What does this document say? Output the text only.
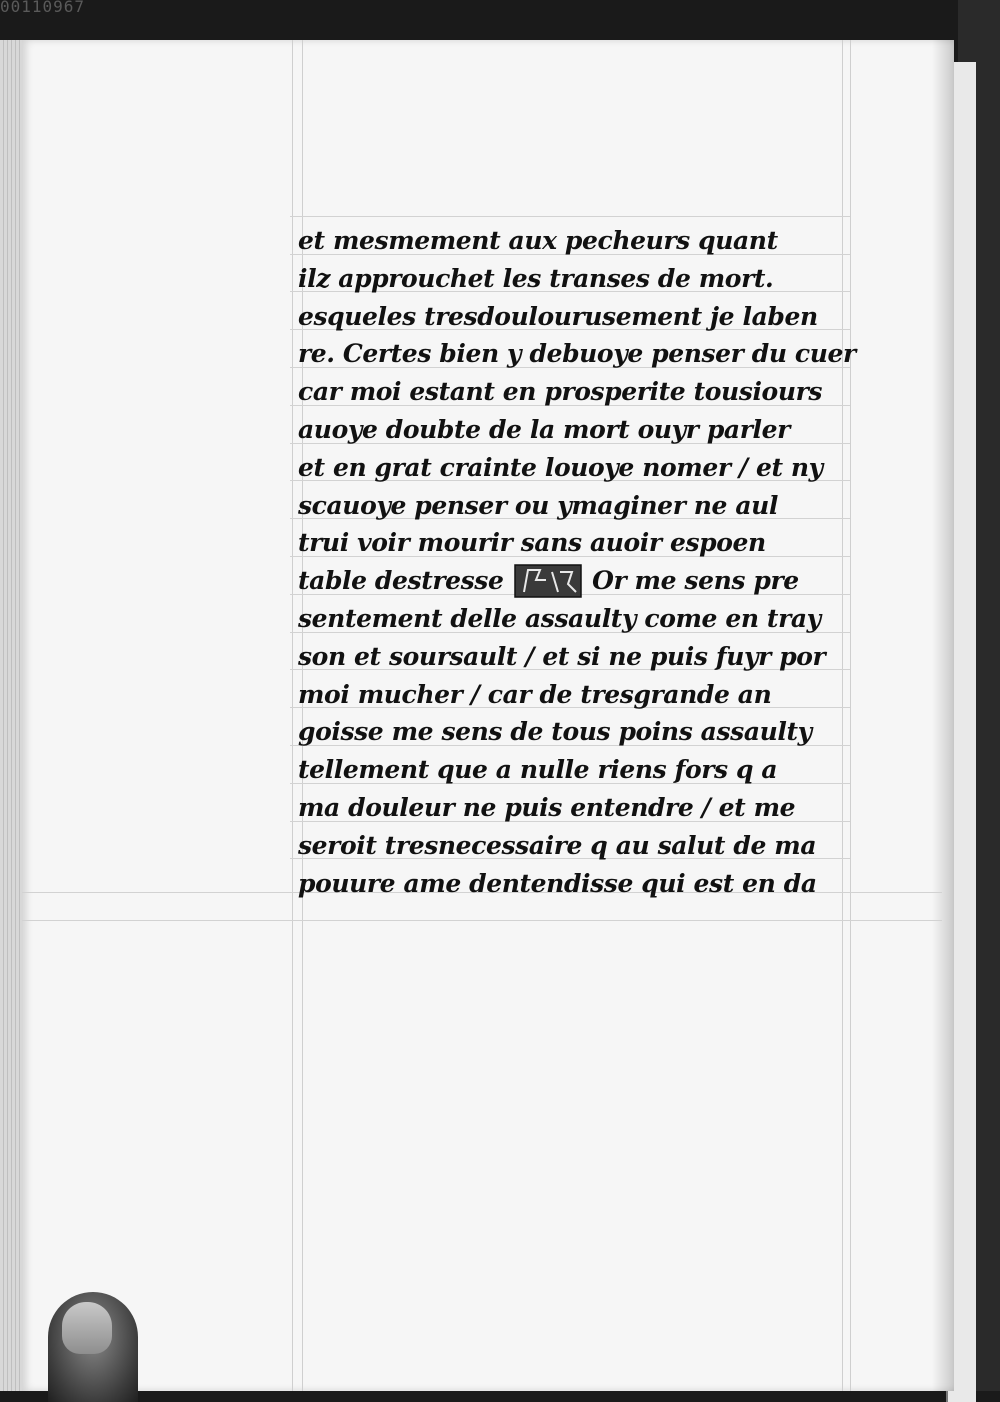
et mesmement aux pecheurs quant
ilz approuchet les transes de mort.
esqueles tresdoulourusement je laben
re. Certes bien y debuoye penser du cuer
car moi estant en prosperite tousiours
auoye doubte de la mort ouyr parler
et en grat crainte louoye nomer / et ny
scauoye penser ou ymaginer ne aul
trui voir mourir sans auoir espoen
table destresse	Or me sens pre
sentement delle assaulty come en tray
son et soursault / et si ne puis fuyr por
moi mucher / car de tresgrande an
goisse me sens de tous poins assaulty
tellement que a nulle riens fors q a
ma douleur ne puis entendre / et me
seroit tresnecessaire q au salut de ma
pouure ame dentendisse qui est en da
00110967
